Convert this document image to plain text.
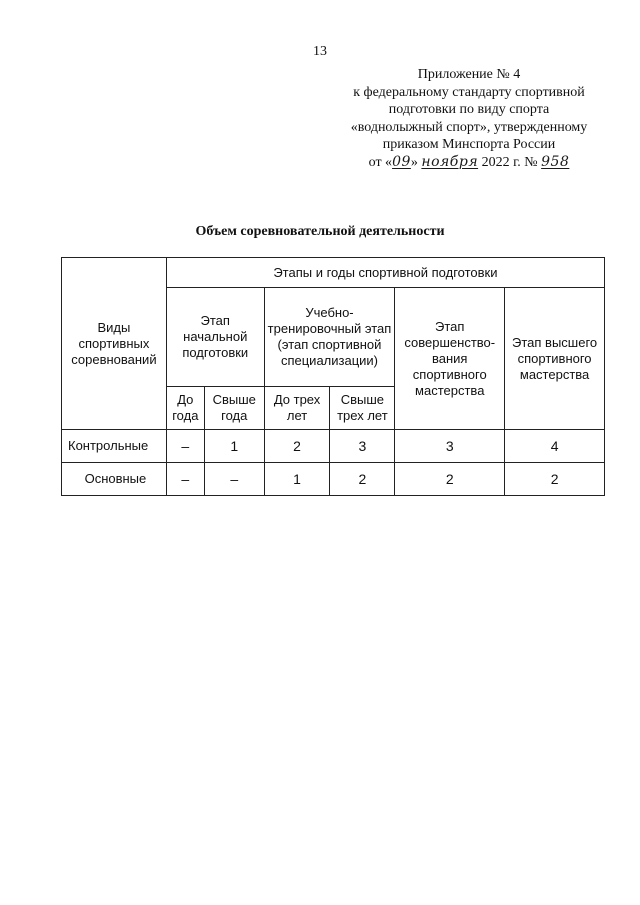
13
Приложение № 4
к федеральному стандарту спортивной
подготовки по виду спорта
«воднолыжный спорт», утвержденному
приказом Минспорта России
от «09» ноября 2022 г. № 958
Объем соревновательной деятельности
Виды спортивных соревнований	Этапы и годы спортивной подготовки					
	Этап начальной подготовки		Учебно-тренировочный этап (этап спортивной специализации)		Этап совершенство-вания спортивного мастерства	Этап высшего спортивного мастерства
	До года	Свыше года	До трех лет	Свыше трех лет		
Контрольные	–	1	2	3	3	4
Основные	–	–	1	2	2	2
